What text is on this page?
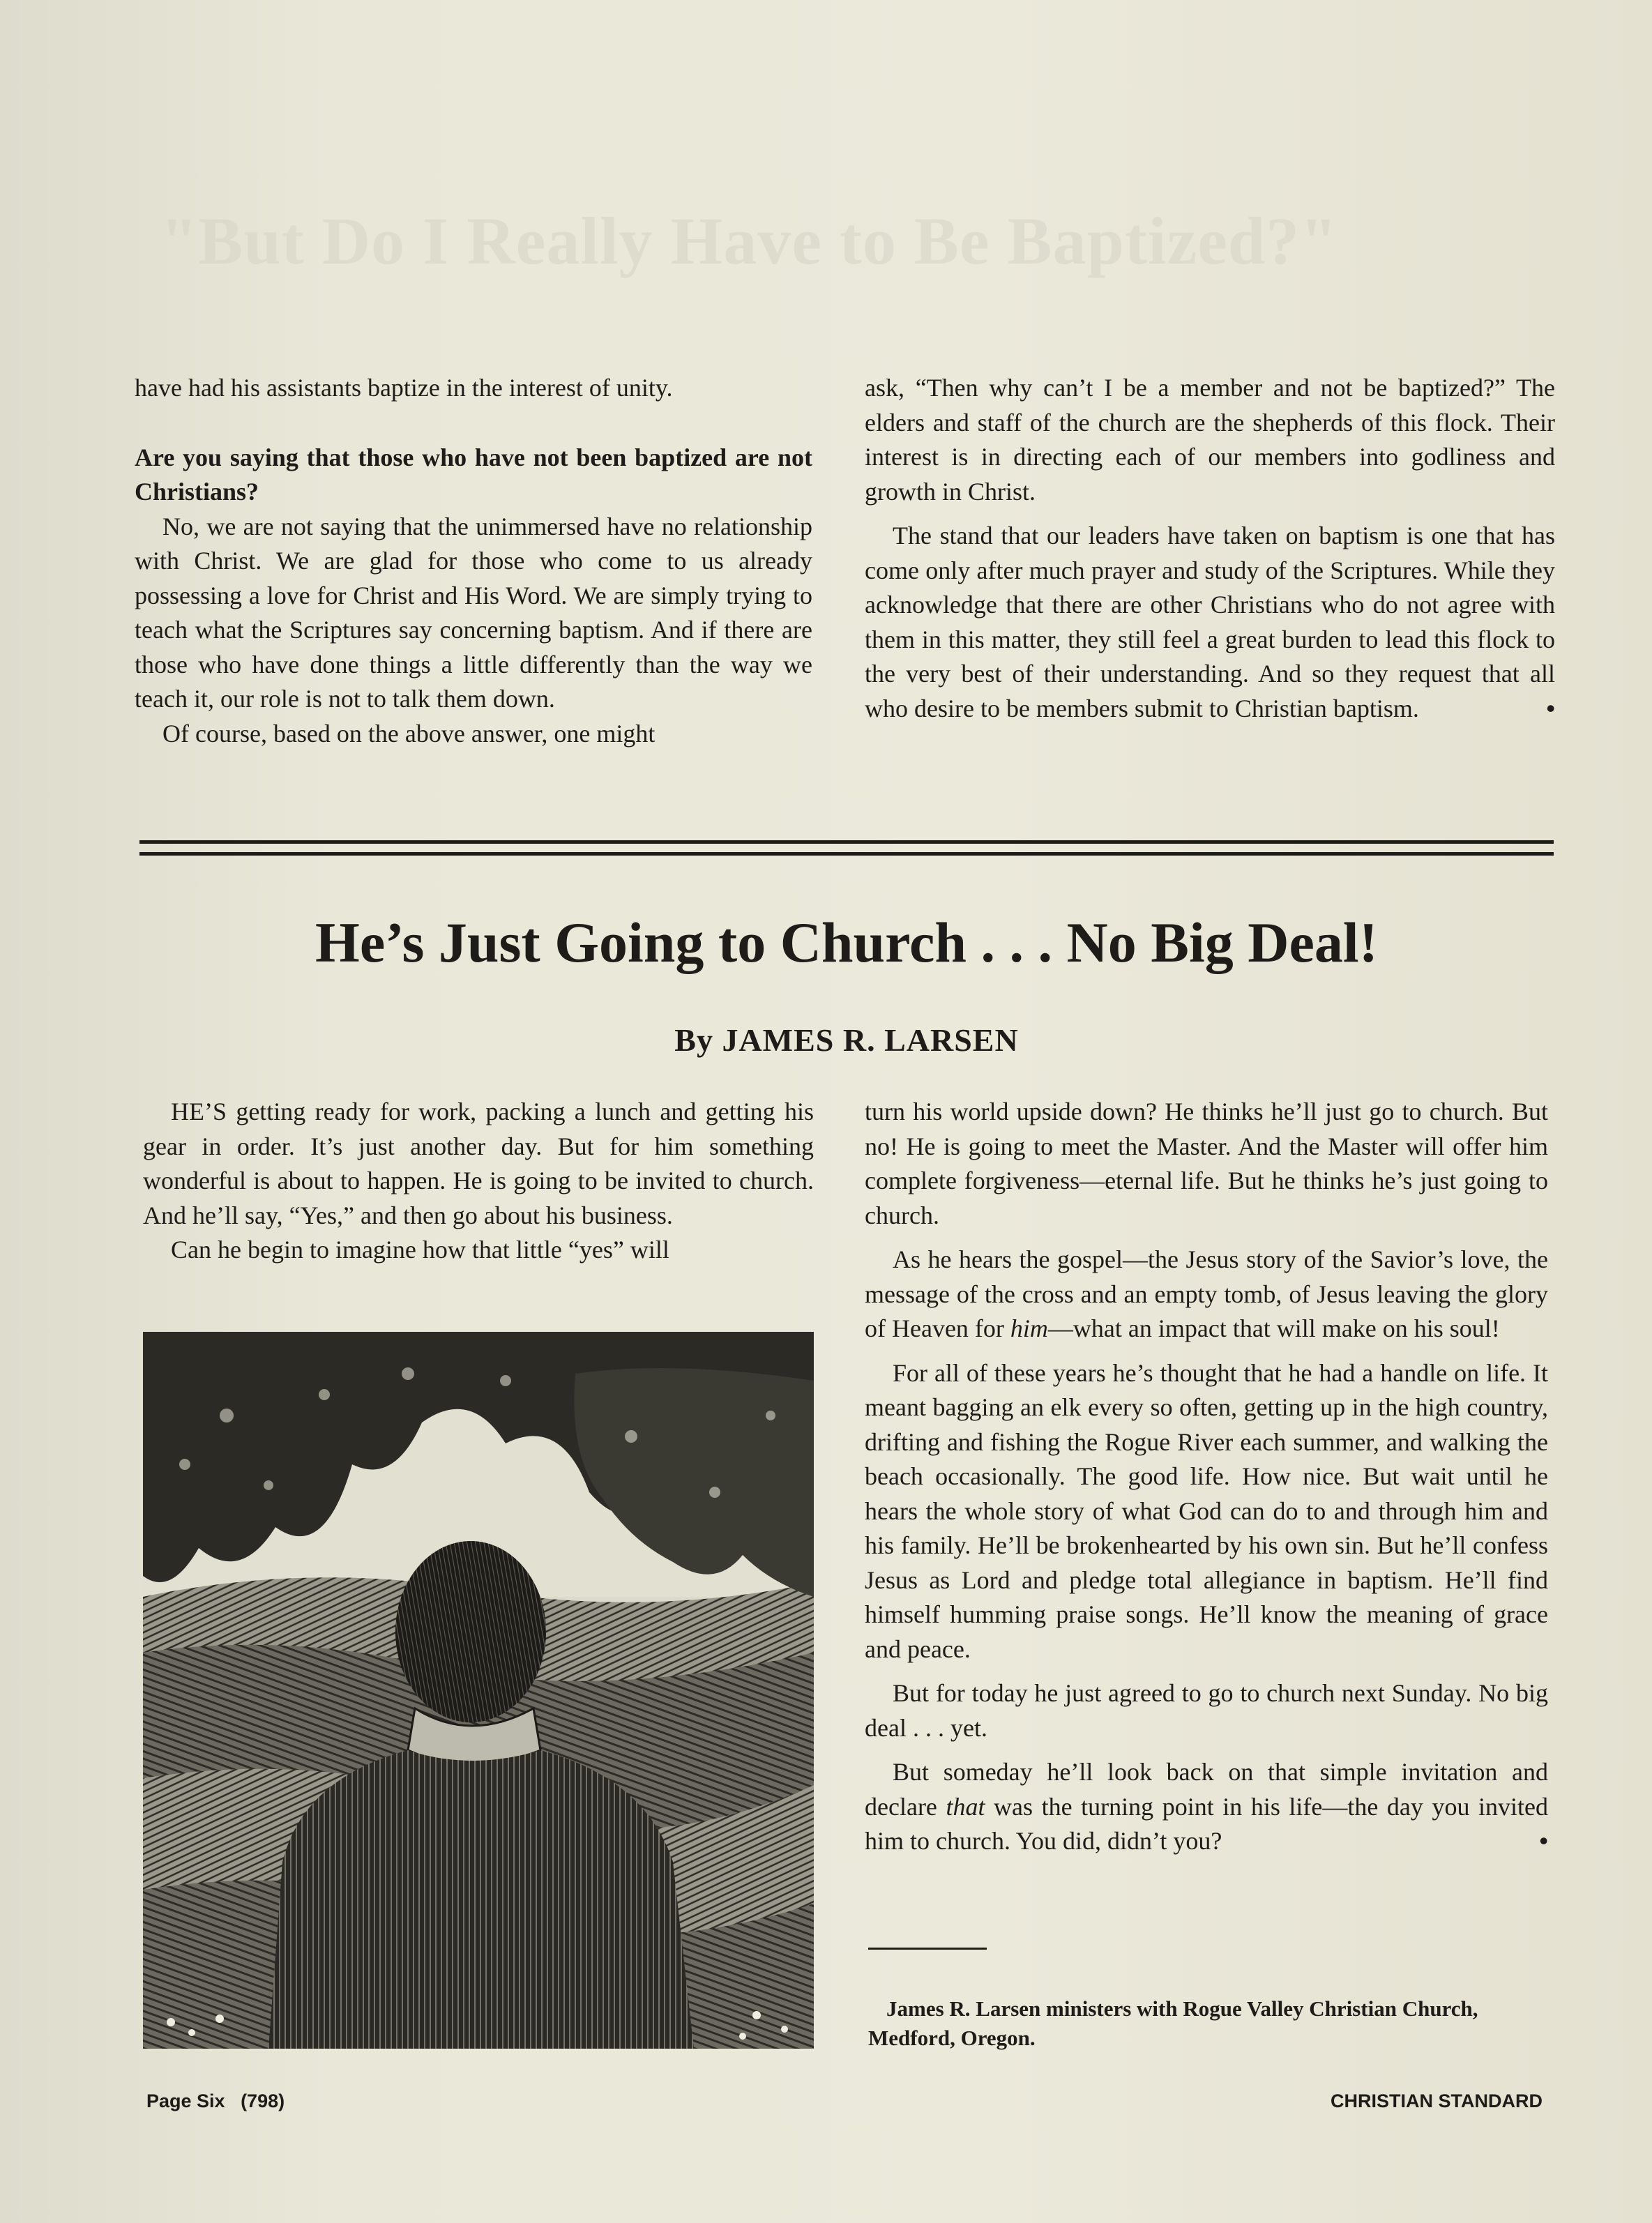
"But Do I Really Have to Be Baptized?"

have had his assistants baptize in the interest of unity.

Are you saying that those who have not been baptized are not Christians?

No, we are not saying that the unimmersed have no relationship with Christ. We are glad for those who come to us already possessing a love for Christ and His Word. We are simply trying to teach what the Scriptures say concerning baptism. And if there are those who have done things a little differently than the way we teach it, our role is not to talk them down.

Of course, based on the above answer, one might

ask, “Then why can’t I be a member and not be baptized?” The elders and staff of the church are the shepherds of this flock. Their interest is in directing each of our members into godliness and growth in Christ.

The stand that our leaders have taken on baptism is one that has come only after much prayer and study of the Scriptures. While they acknowledge that there are other Christians who do not agree with them in this matter, they still feel a great burden to lead this flock to the very best of their understanding. And so they request that all who desire to be members submit to Christian baptism.	•

He’s Just Going to Church . . . No Big Deal!
By JAMES R. LARSEN

HE’S getting ready for work, packing a lunch and getting his gear in order. It’s just another day. But for him something wonderful is about to happen. He is going to be invited to church. And he’ll say, “Yes,” and then go about his business.

Can he begin to imagine how that little “yes” will

turn his world upside down? He thinks he’ll just go to church. But no! He is going to meet the Master. And the Master will offer him complete forgiveness—eternal life. But he thinks he’s just going to church.

As he hears the gospel—the Jesus story of the Savior’s love, the message of the cross and an empty tomb, of Jesus leaving the glory of Heaven for him—what an impact that will make on his soul!

For all of these years he’s thought that he had a handle on life. It meant bagging an elk every so often, getting up in the high country, drifting and fishing the Rogue River each summer, and walking the beach occasionally. The good life. How nice. But wait until he hears the whole story of what God can do to and through him and his family. He’ll be brokenhearted by his own sin. But he’ll confess Jesus as Lord and pledge total allegiance in baptism. He’ll find himself humming praise songs. He’ll know the meaning of grace and peace.

But for today he just agreed to go to church next Sunday. No big deal . . . yet.

But someday he’ll look back on that simple invitation and declare that was the turning point in his life—the day you invited him to church. You did, didn’t you?	•

James R. Larsen ministers with Rogue Valley Christian Church, Medford, Oregon.
Page Six   (798)	CHRISTIAN STANDARD
